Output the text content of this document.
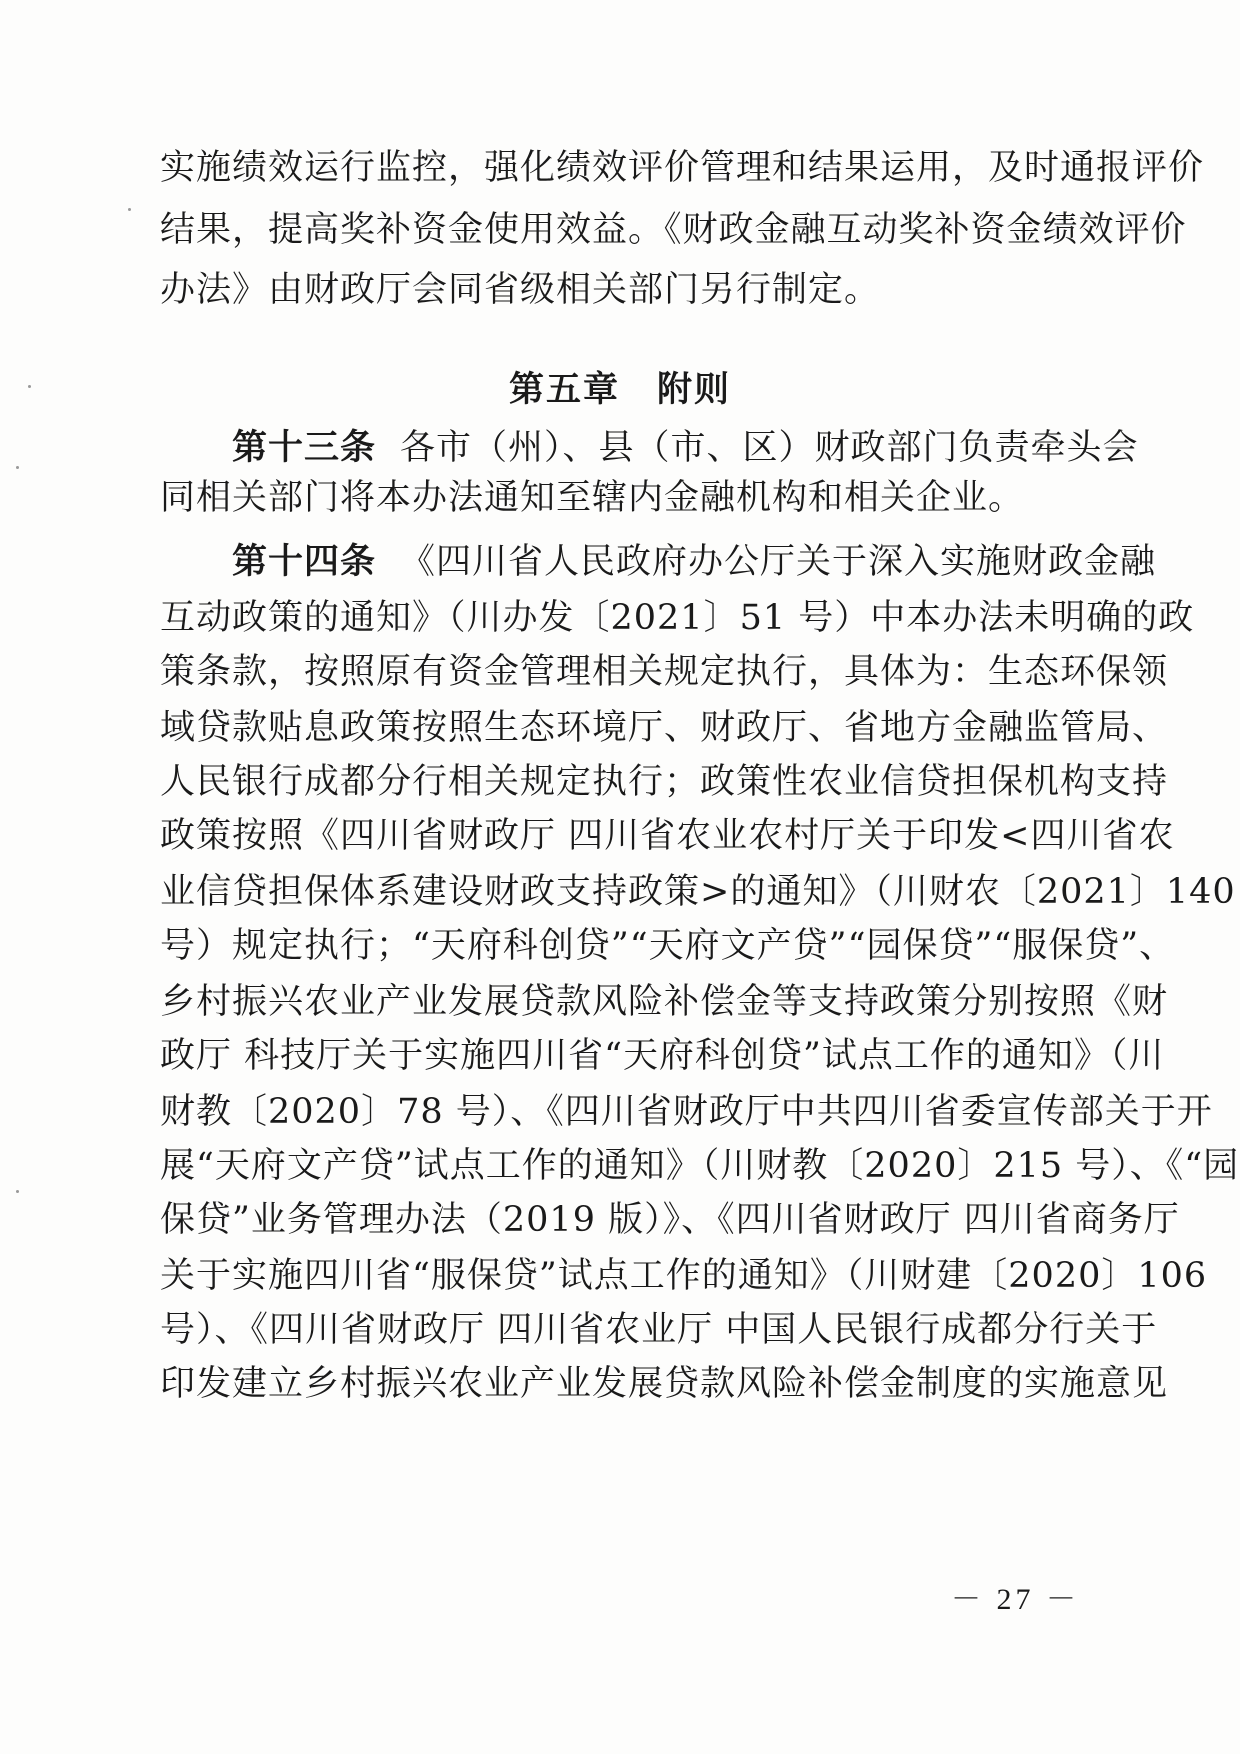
实施绩效运行监控，强化绩效评价管理和结果运用，及时通报评价
结果，提高奖补资金使用效益。《财政金融互动奖补资金绩效评价
办法》由财政厅会同省级相关部门另行制定。
第五章　附则
第十三条 各市（州）、县（市、区）财政部门负责牵头会
同相关部门将本办法通知至辖内金融机构和相关企业。
第十四条 《四川省人民政府办公厅关于深入实施财政金融
互动政策的通知》（川办发〔2021〕51 号）中本办法未明确的政
策条款，按照原有资金管理相关规定执行，具体为：生态环保领
域贷款贴息政策按照生态环境厅、财政厅、省地方金融监管局、
人民银行成都分行相关规定执行；政策性农业信贷担保机构支持
政策按照《四川省财政厅 四川省农业农村厅关于印发<四川省农
业信贷担保体系建设财政支持政策>的通知》（川财农〔2021〕140
号）规定执行；“天府科创贷”“天府文产贷”“园保贷”“服保贷”、
乡村振兴农业产业发展贷款风险补偿金等支持政策分别按照《财
政厅 科技厅关于实施四川省“天府科创贷”试点工作的通知》（川
财教〔2020〕78 号）、《四川省财政厅中共四川省委宣传部关于开
展“天府文产贷”试点工作的通知》（川财教〔2020〕215 号）、《“园
保贷”业务管理办法（2019 版）》、《四川省财政厅 四川省商务厅
关于实施四川省“服保贷”试点工作的通知》（川财建〔2020〕106
号）、《四川省财政厅 四川省农业厅 中国人民银行成都分行关于
印发建立乡村振兴农业产业发展贷款风险补偿金制度的实施意见
－ 27 －
